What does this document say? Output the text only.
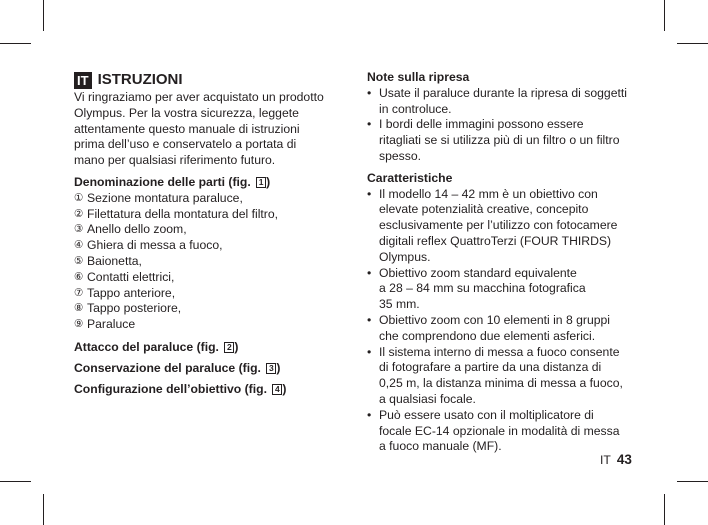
IT ISTRUZIONI
Vi ringraziamo per aver acquistato un prodotto
Olympus. Per la vostra sicurezza, leggete
attentamente questo manuale di istruzioni
prima dell’uso e conservatelo a portata di
mano per qualsiasi riferimento futuro.
Denominazione delle parti (fig. 1 )
① Sezione montatura paraluce,
② Filettatura della montatura del filtro,
③ Anello dello zoom,
④ Ghiera di messa a fuoco,
⑤ Baionetta,
⑥ Contatti elettrici,
⑦ Tappo anteriore,
⑧ Tappo posteriore,
⑨ Paraluce
Attacco del paraluce (fig. 2 )
Conservazione del paraluce (fig. 3 )
Configurazione dell’obiettivo (fig. 4 )
Note sulla ripresa
• Usate il paraluce durante la ripresa di soggetti
in controluce.
• I bordi delle immagini possono essere
ritagliati se si utilizza più di un filtro o un filtro
spesso.
Caratteristiche
• Il modello 14 – 42 mm è un obiettivo con
elevate potenzialità creative, concepito
esclusivamente per l’utilizzo con fotocamere
digitali reflex QuattroTerzi (FOUR THIRDS)
Olympus.
• Obiettivo zoom standard equivalente
a 28 – 84 mm su macchina fotografica
35 mm.
• Obiettivo zoom con 10 elementi in 8 gruppi
che comprendono due elementi asferici.
• Il sistema interno di messa a fuoco consente
di fotografare a partire da una distanza di
0,25 m, la distanza minima di messa a fuoco,
a qualsiasi focale.
• Può essere usato con il moltiplicatore di
focale EC-14 opzionale in modalità di messa
a fuoco manuale (MF).
IT 43
